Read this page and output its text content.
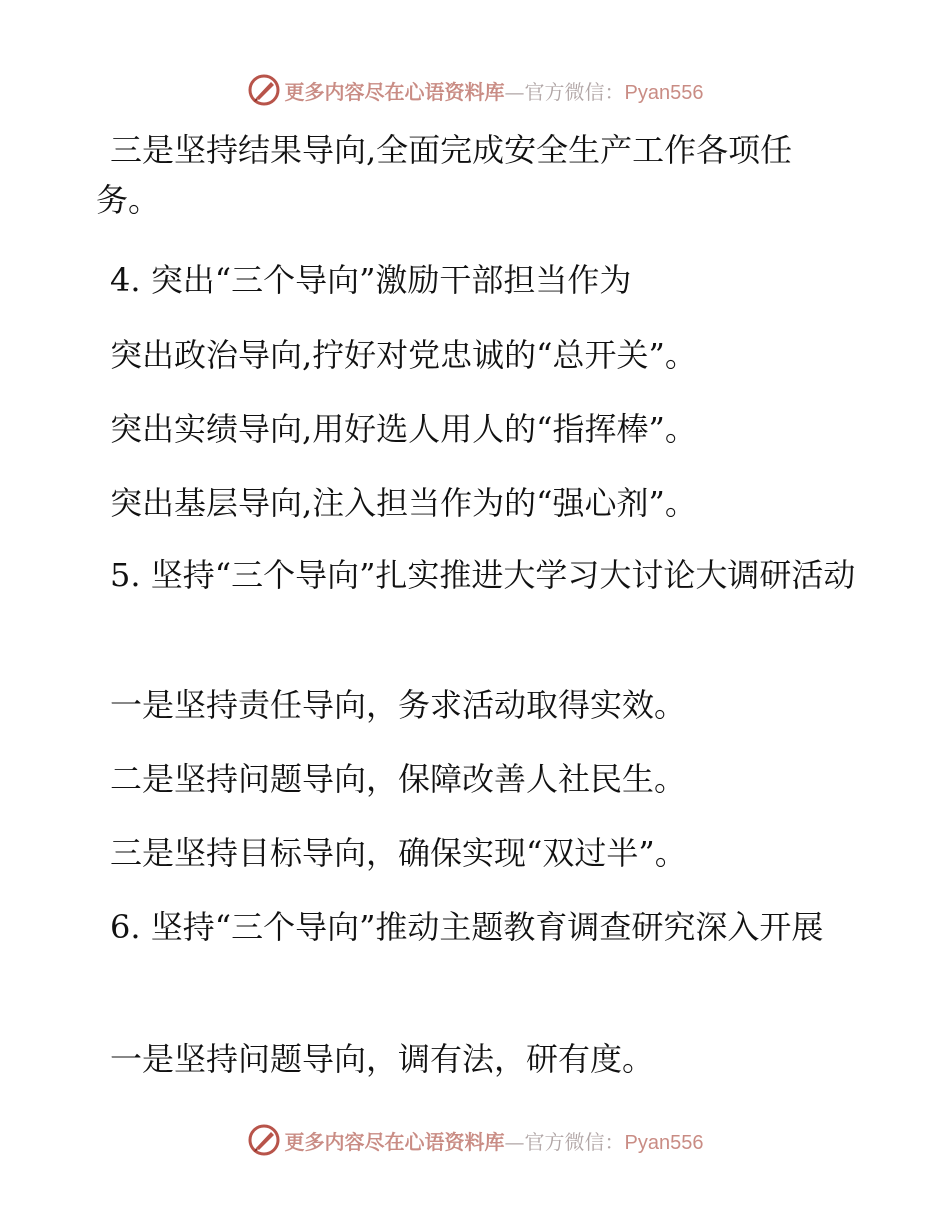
更多内容尽在心语资料库—官方微信：Pyan556
三是坚持结果导向,全面完成安全生产工作各项任务。
4. 突出“三个导向”激励干部担当作为
突出政治导向,拧好对党忠诚的“总开关”。
突出实绩导向,用好选人用人的“指挥棒”。
突出基层导向,注入担当作为的“强心剂”。
5. 坚持“三个导向”扎实推进大学习大讨论大调研活动
一是坚持责任导向，务求活动取得实效。
二是坚持问题导向，保障改善人社民生。
三是坚持目标导向，确保实现“双过半”。
6. 坚持“三个导向”推动主题教育调查研究深入开展
一是坚持问题导向，调有法，研有度。
更多内容尽在心语资料库—官方微信：Pyan556
